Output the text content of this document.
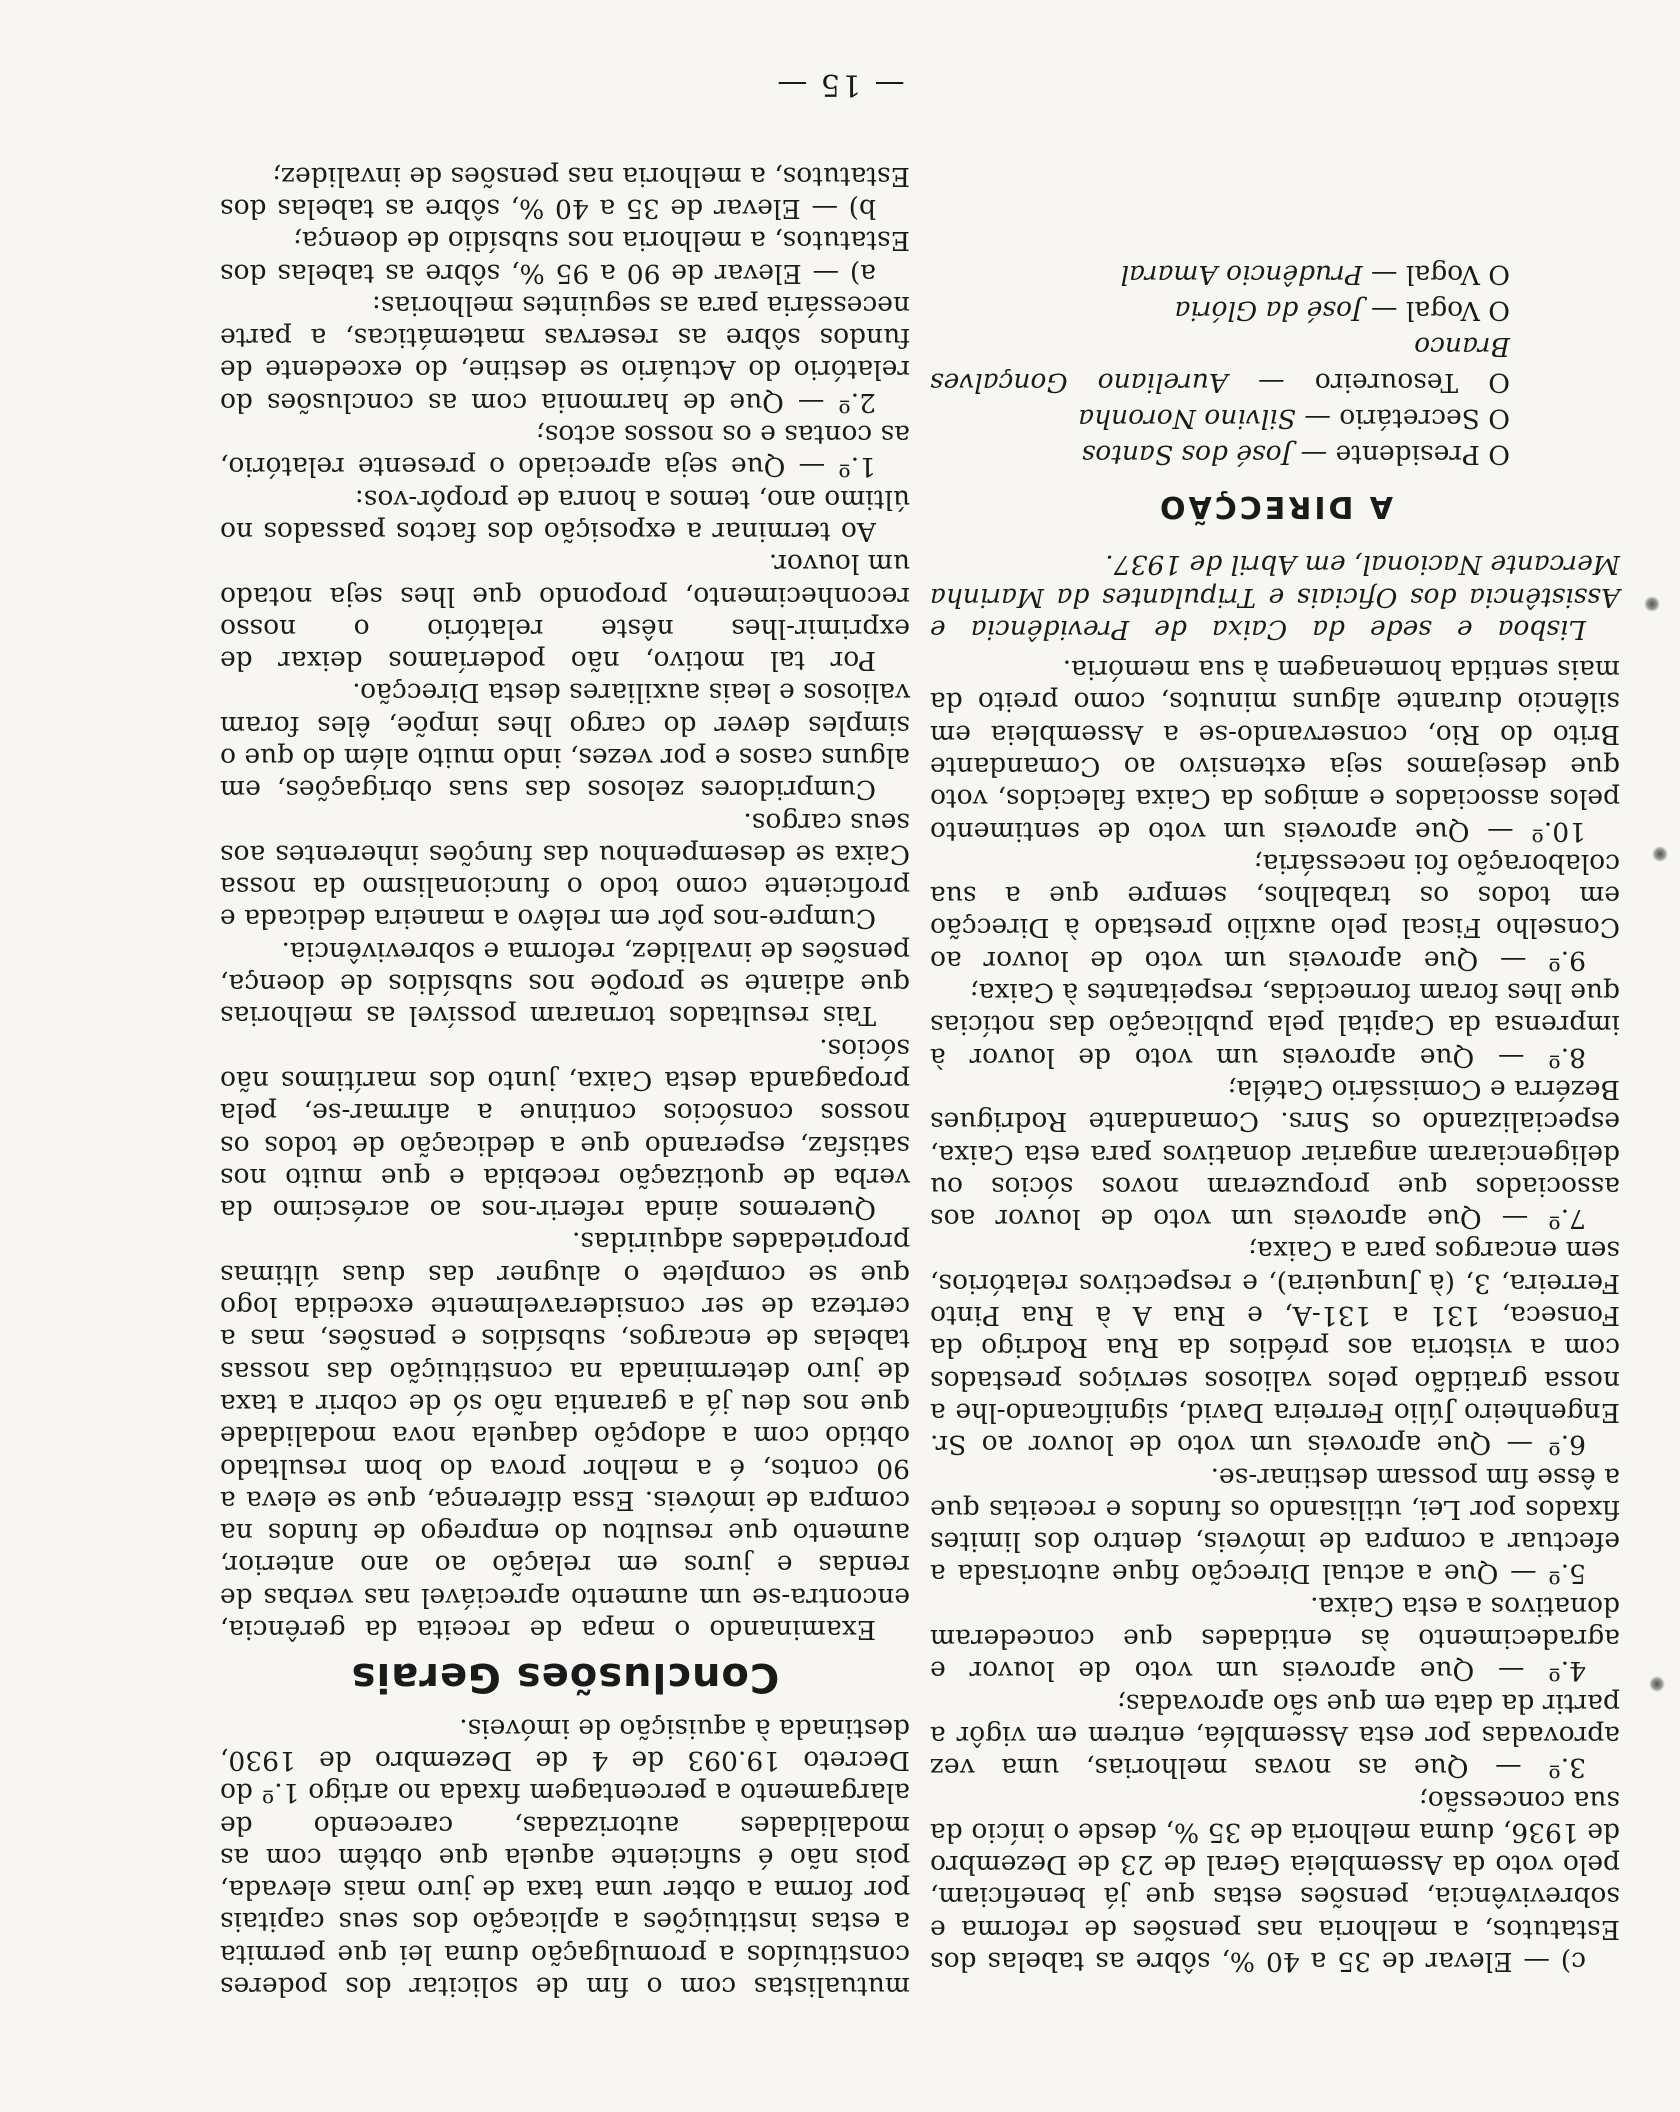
mutualistas com o fim de solicitar dos poderes constituídos a promulgação duma lei que permita a estas instituições a aplicação dos seus capitais por forma a obter uma taxa de juro mais elevada, pois não é suficiente aquela que obtêm com as modalidades autorizadas, carecendo de alargamento a percentagem fixada no artigo 1.º do Decreto 19.093 de 4 de Dezembro de 1930, destinada à aquisição de imóveis.

Conclusões Gerais

Examinando o mapa de receita da gerência, encontra-se um aumento apreciável nas verbas de rendas e juros em relação ao ano anterior, aumento que resultou do emprego de fundos na compra de imóveis. Essa diferença, que se eleva a 90 contos, é a melhor prova do bom resultado obtido com a adopção daquela nova modalidade que nos deu já a garantia não só de cobrir a taxa de juro determinada na constituição das nossas tabelas de encargos, subsídios e pensões, mas a certeza de ser consideravelmente excedida logo que se complete o alugner das duas últimas propriedades adquiridas.

Queremos ainda referir-nos ao acréscimo da verba de quotização recebida e que muito nos satisfaz, esperando que a dedicação de todos os nossos consócios continue a afirmar-se, pela propaganda desta Caixa, junto dos marítimos não sócios.

Tais resultados tornaram possível as melhorias que adiante se propõe nos subsídios de doença, pensões de invalidez, reforma e sobrevivência.

Cumpre-nos pôr em relêvo a maneira dedicada e proficiente como todo o funcionalismo da nossa Caixa se desempenhou das funções inherentes aos seus cargos.

Cumpridores zelosos das suas obrigações, em alguns casos e por vezes, indo muito além do que o simples dever do cargo lhes impõe, êles foram valiosos e leais auxiliares desta Direcção.

Por tal motivo, não poderíamos deixar de exprimir-lhes nêste relatório o nosso reconhecimento, propondo que lhes seja notado um louvor.

Ao terminar a exposição dos factos passados no último ano, temos a honra de propôr-vos:

1.º — Que seja apreciado o presente relatório, as contas e os nossos actos;

2.º — Que de harmonia com as conclusões do relatório do Actuário se destine, do excedente de fundos sôbre as reservas matemáticas, a parte necessária para as seguintes melhorias:

a) — Elevar de 90 a 95 %, sôbre as tabelas dos Estatutos, a melhoria nos subsídio de doença;

b) — Elevar de 35 a 40 %, sôbre as tabelas dos Estatutos, a melhoria nas pensões de invalidez;

c) — Elevar de 35 a 40 %, sôbre as tabelas dos Estatutos, a melhoria nas pensões de reforma e sobrevivência, pensões estas que já beneficiam, pelo voto da Assembleia Geral de 23 de Dezembro de 1936, duma melhoria de 35 %, desde o início da sua concessão;

3.º — Que as novas melhorias, uma vez aprovadas por esta Assembléa, entrem em vigôr a partir da data em que são aprovadas;

4.º — Que aproveis um voto de louvor e agradecimento às entidades que concederam donativos a esta Caixa.

5.º — Que a actual Direcção fique autorisada a efectuar a compra de imóveis, dentro dos limites fixados por Lei, utilisando os fundos e receitas que a êsse fim possam destinar-se.

6.º — Que aproveis um voto de louvor ao Sr. Engenheiro Júlio Ferreira David, significando-lhe a nossa gratidão pelos valiosos serviços prestados com a vistoria aos prédios da Rua Rodrigo da Fonseca, 131 a 131-A, e Rua A à Rua Pinto Ferreira, 3, (à Junqueira), e respectivos relatórios, sem encargos para a Caixa;

7.º — Que aproveis um voto de louvor aos associados que propuzeram novos sócios ou deligenciaram angariar donativos para esta Caixa, especializando os Snrs. Comandante Rodrigues Bezérra e Comissário Catéla;

8.º — Que aproveis um voto de louvor à imprensa da Capital pela publicação das notícias que lhes foram fornecidas, respeitantes à Caixa;

9.º — Que aproveis um voto de louvor ao Conselho Fiscal pelo auxílio prestado à Direcção em todos os trabalhos, sempre que a sua colaboração foi necessária;

10.º — Que aproveis um voto de sentimento pelos associados e amigos da Caixa falecidos, voto que desejamos seja extensivo ao Comandante Brito do Rio, conservando-se a Assembleia em silêncio durante alguns minutos, como preito da mais sentida homenagem à sua memória.

Lisboa e sede da Caixa de Previdência e Assistência dos Oficiais e Tripulantes da Marinha Mercante Nacional, em Abril de 1937.

A DIRECÇÃO

O Presidente — José dos Santos

O Secretário — Silvino Noronha

O Tesoureiro — Aureliano Gonçalves Branco

O Vogal — José da Glória

O Vogal — Prudêncio Amaral

— 15 —
